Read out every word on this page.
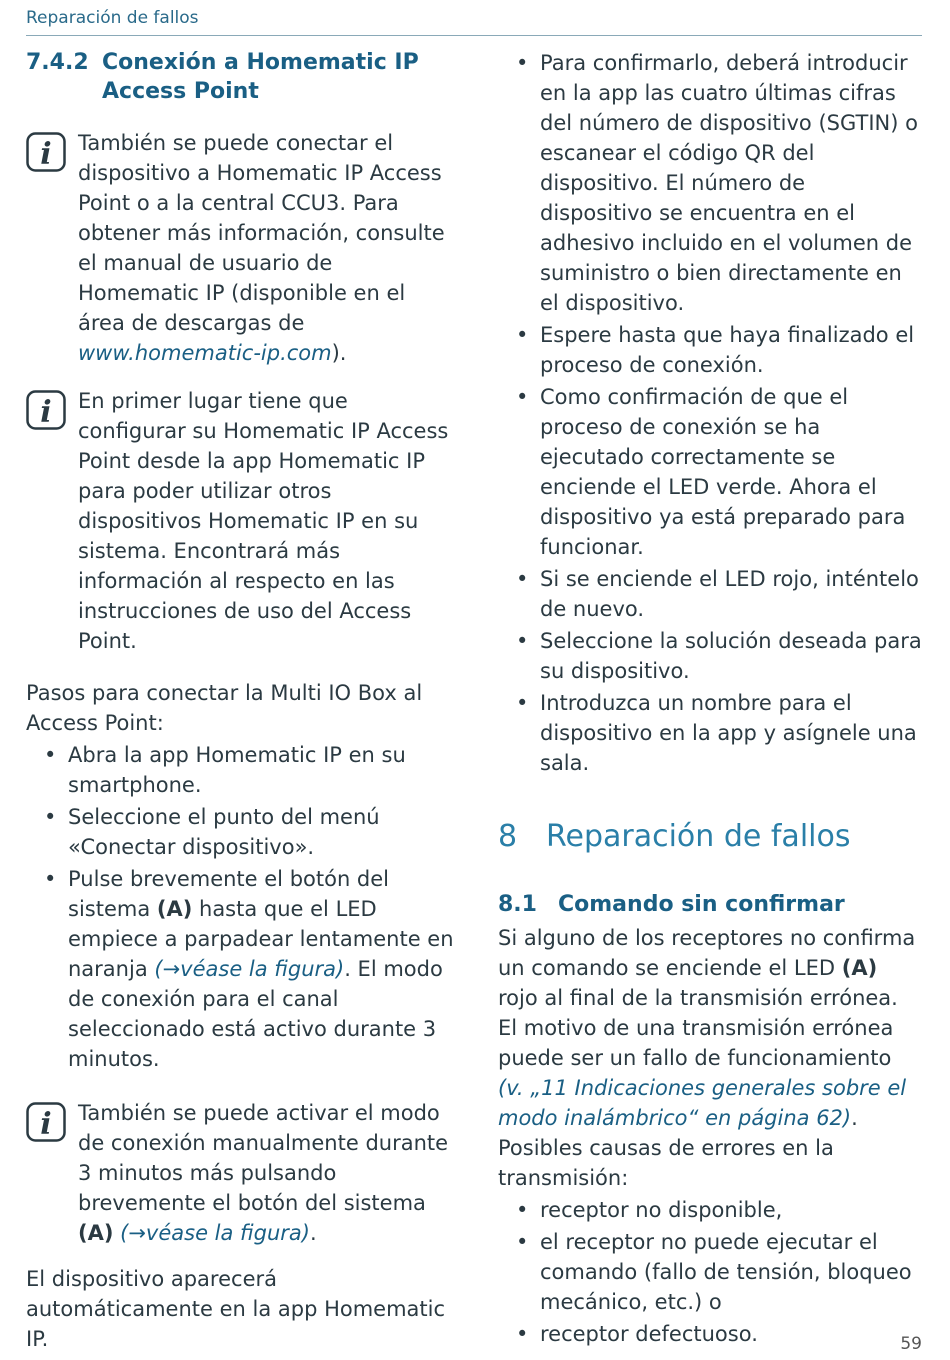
Reparación de fallos
7.4.2 Conexión a Homematic IP Access Point
i También se puede conectar el dispositivo a Homematic IP Access Point o a la central CCU3. Para obtener más información, consulte el manual de usuario de Homematic IP (disponible en el área de descargas de www.homematic-ip.com).

i En primer lugar tiene que configurar su Homematic IP Access Point desde la app Homematic IP para poder utilizar otros dispositivos Homematic IP en su sistema. Encontrará más información al respecto en las instrucciones de uso del Access Point.

Pasos para conectar la Multi IO Box al Access Point:

• Abra la app Homematic IP en su smartphone.
• Seleccione el punto del menú «Conectar dispositivo».
• Pulse brevemente el botón del sistema (A) hasta que el LED empiece a parpadear lentamente en naranja (→véase la figura). El modo de conexión para el canal seleccionado está activo durante 3 minutos.
i También se puede activar el modo de conexión manualmente durante 3 minutos más pulsando brevemente el botón del sistema (A) (→véase la figura).

El dispositivo aparecerá automáticamente en la app Homematic IP.

• Para confirmarlo, deberá introducir en la app las cuatro últimas cifras del número de dispositivo (SGTIN) o escanear el código QR del dispositivo. El número de dispositivo se encuentra en el adhesivo incluido en el volumen de suministro o bien directamente en el dispositivo.
• Espere hasta que haya finalizado el proceso de conexión.
• Como confirmación de que el proceso de conexión se ha ejecutado correctamente se enciende el LED verde. Ahora el dispositivo ya está preparado para funcionar.
• Si se enciende el LED rojo, inténtelo de nuevo.
• Seleccione la solución deseada para su dispositivo.
• Introduzca un nombre para el dispositivo en la app y asígnele una sala.
8 Reparación de fallos
8.1 Comando sin confirmar

Si alguno de los receptores no confirma un comando se enciende el LED (A) rojo al final de la transmisión errónea. El motivo de una transmisión errónea puede ser un fallo de funcionamiento (v. „11 Indicaciones generales sobre el modo inalámbrico“ en página 62).

Posibles causas de errores en la transmisión:

• receptor no disponible,
• el receptor no puede ejecutar el comando (fallo de tensión, bloqueo mecánico, etc.) o
• receptor defectuoso.	59
